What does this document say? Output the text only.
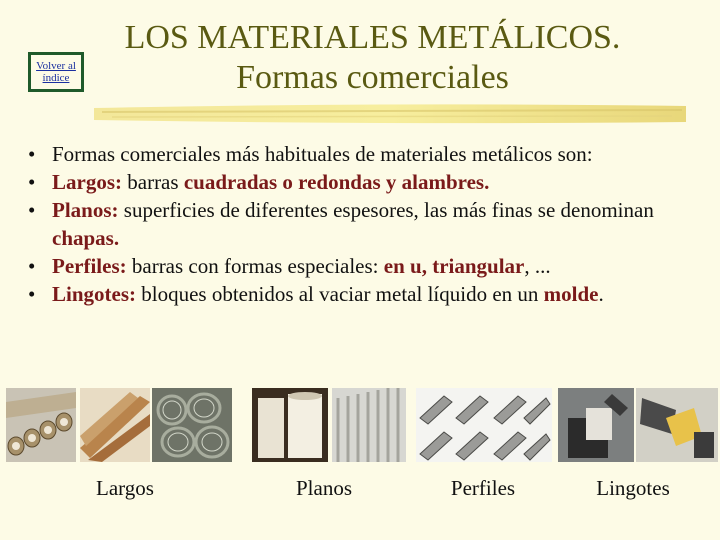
Volver al índice
LOS MATERIALES METÁLICOS.
Formas comerciales
• Formas comerciales más habituales de materiales metálicos son:
• Largos: barras cuadradas o redondas y alambres.
• Planos: superficies de diferentes espesores, las más finas se denominan chapas.
• Perfiles: barras con formas especiales: en u, triangular, ...
• Lingotes: bloques obtenidos al vaciar metal líquido en un molde.
Largos	Planos	Perfiles	Lingotes
